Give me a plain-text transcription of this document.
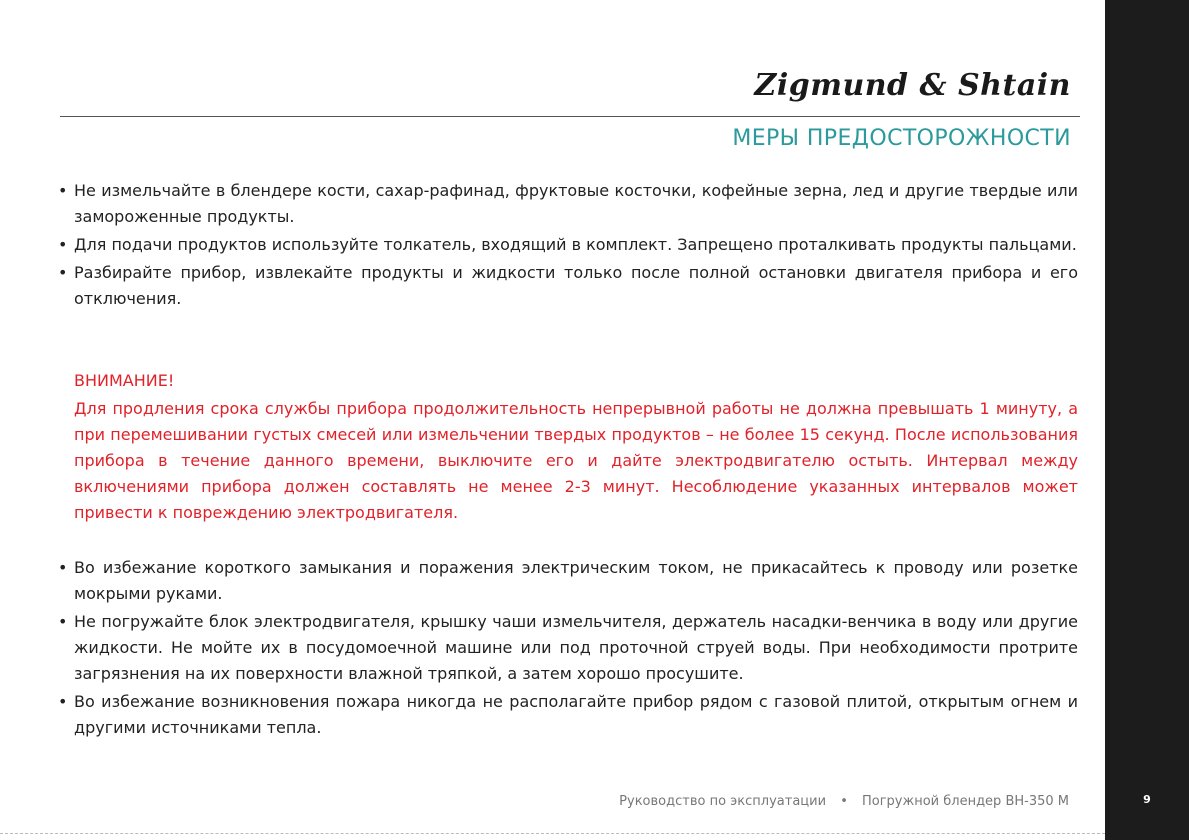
9
Zigmund & Shtain
МЕРЫ ПРЕДОСТОРОЖНОСТИ
• Не измельчайте в блендере кости, сахар-рафинад, фруктовые косточки, кофейные зерна, лед и другие твердые или замороженные продукты.
• Для подачи продуктов используйте толкатель, входящий в комплект. Запрещено проталкивать продукты пальцами.
• Разбирайте прибор, извлекайте продукты и жидкости только после полной остановки двигателя прибора и его отключения.
ВНИМАНИЕ!
Для продления срока службы прибора продолжительность непрерывной работы не должна превышать 1 минуту, а при перемешивании густых смесей или измельчении твердых продуктов – не более 15 секунд. После использования прибора в течение данного времени, выключите его и дайте электродвигателю остыть. Интервал между включениями прибора должен составлять не менее 2-3 минут. Несоблюдение указанных интервалов может привести к повреждению электродвигателя.
• Во избежание короткого замыкания и поражения электрическим током, не прикасайтесь к проводу или розетке мокрыми руками.
• Не погружайте блок электродвигателя, крышку чаши измельчителя, держатель насадки-венчика в воду или другие жидкости. Не мойте их в посудомоечной машине или под проточной струей воды. При необходимости протрите загрязнения на их поверхности влажной тряпкой, а затем хорошо просушите.
• Во избежание возникновения пожара никогда не располагайте прибор рядом с газовой плитой, открытым огнем и другими источниками тепла.
Руководство по эксплуатации • Погружной блендер BH-350 M
